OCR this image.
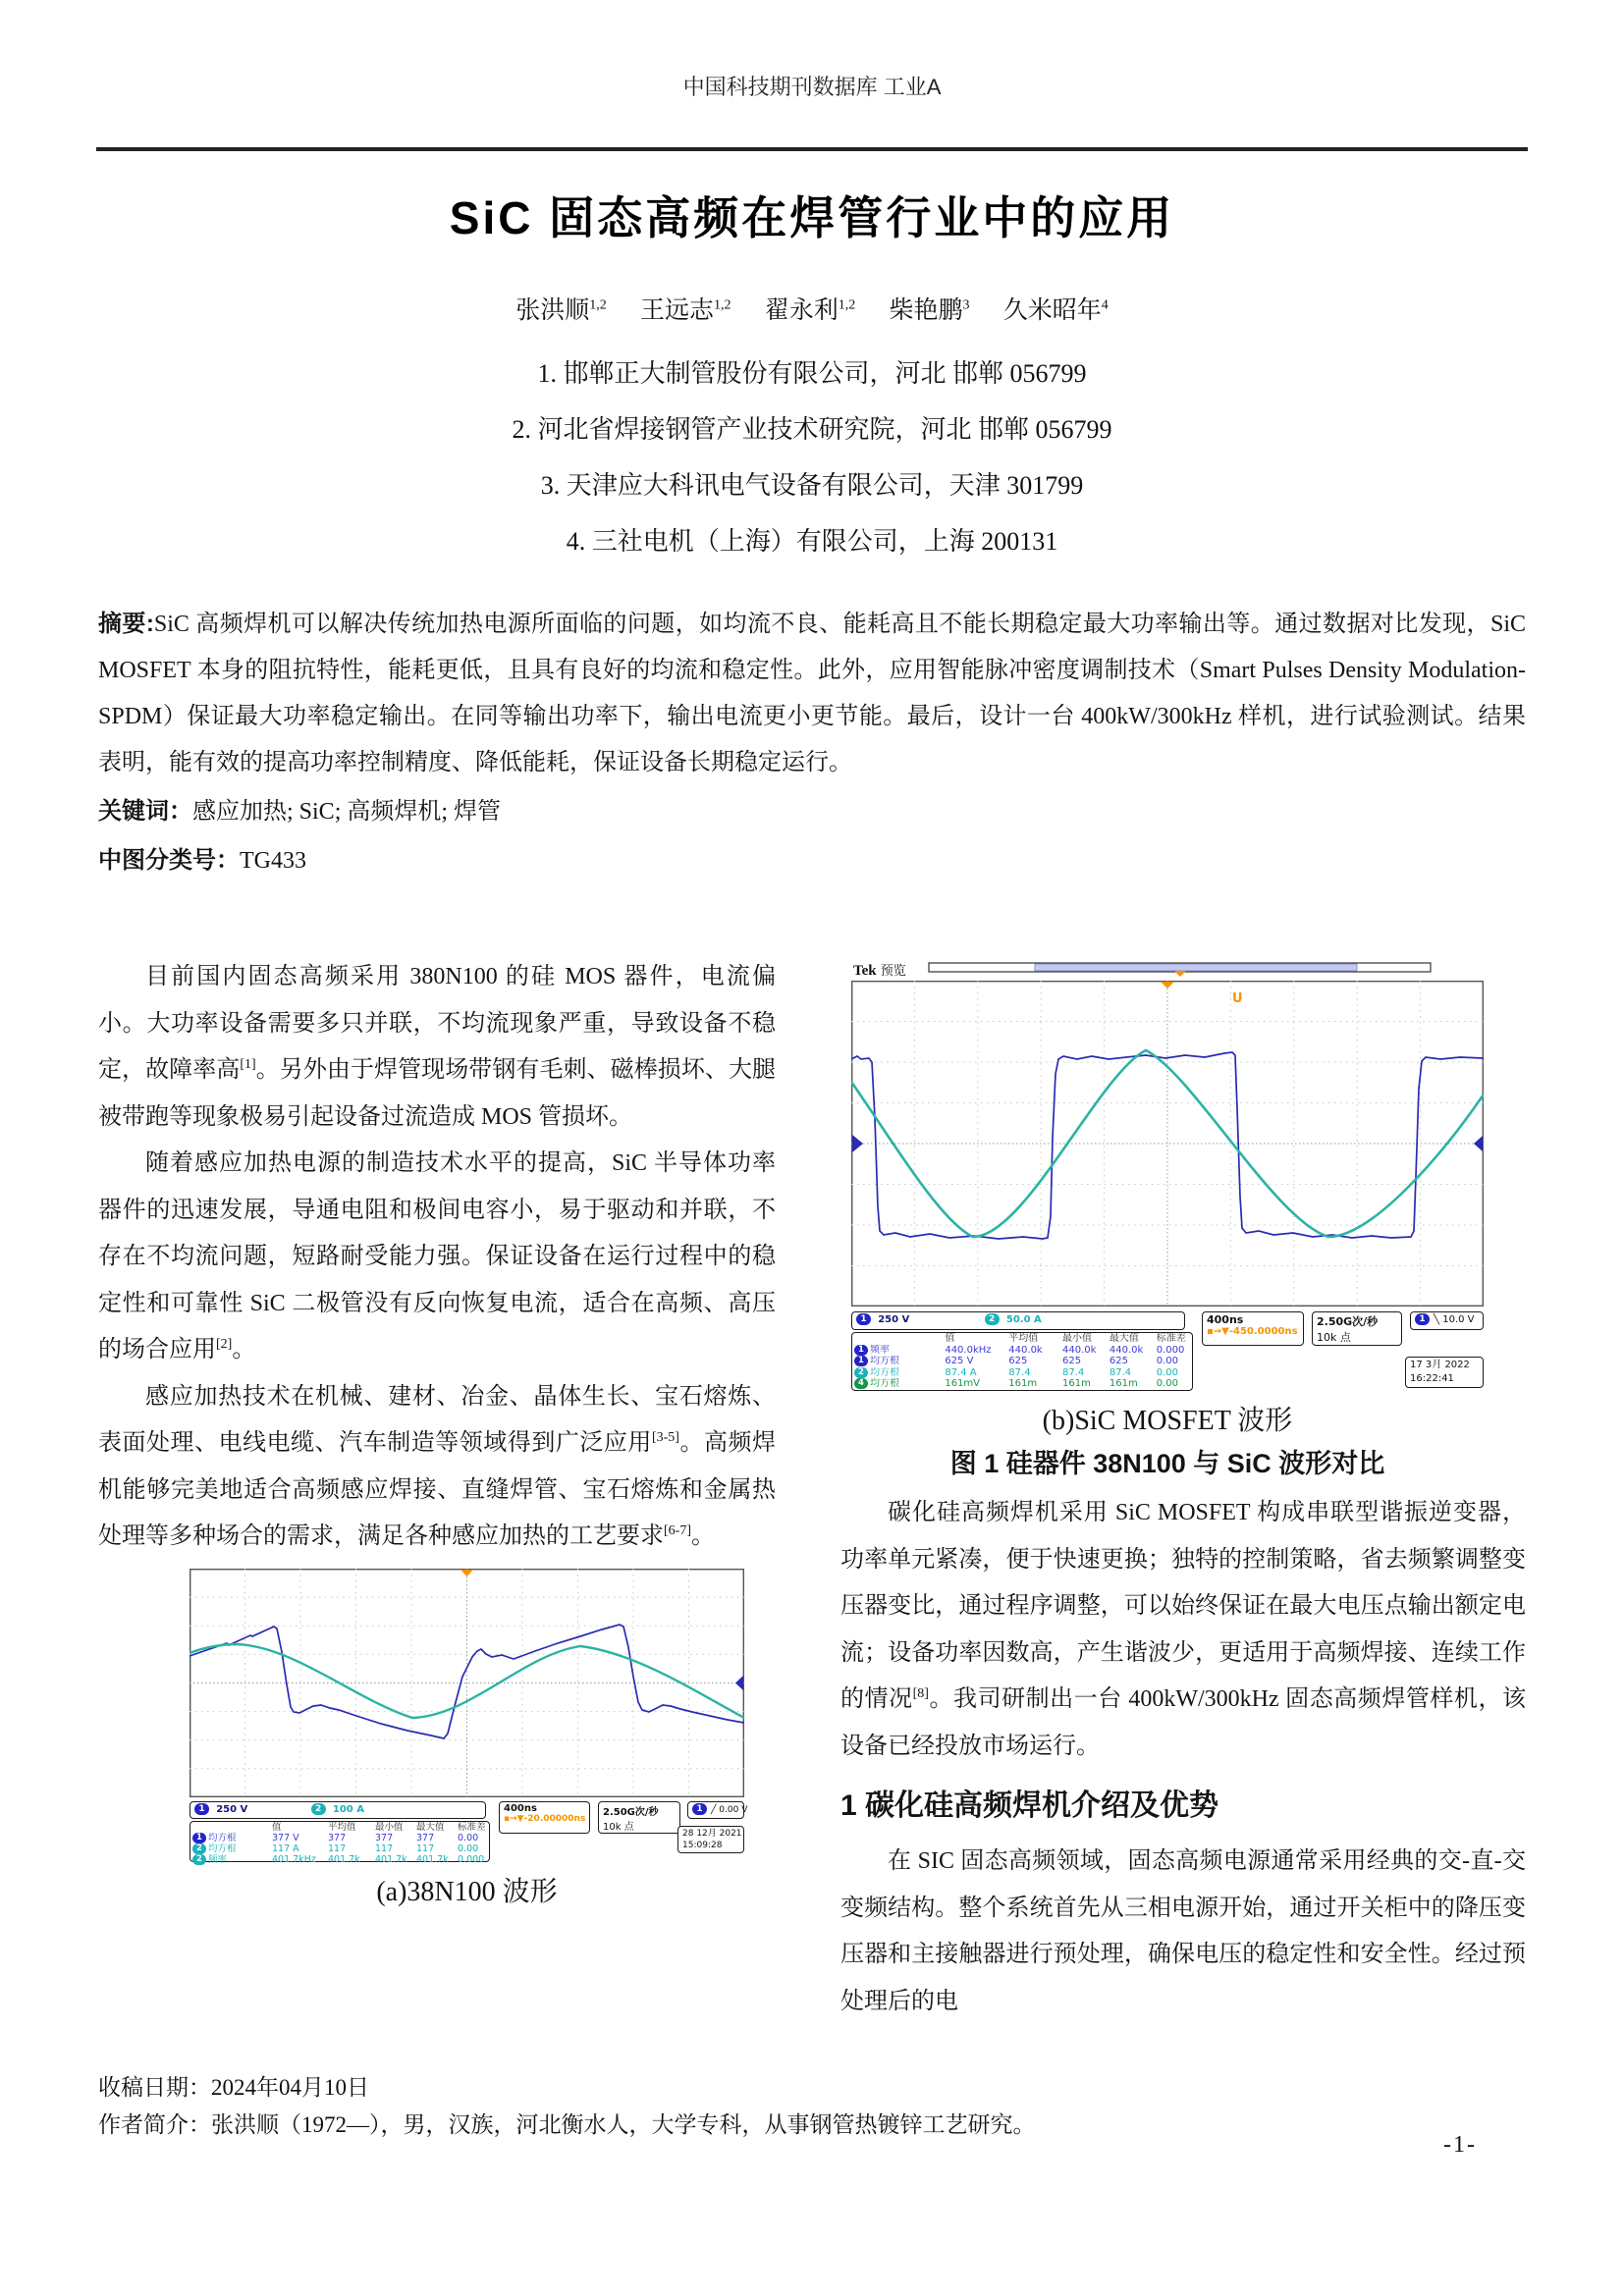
中国科技期刊数据库 工业A
SiC 固态高频在焊管行业中的应用
张洪顺$^{1,2}$ 王远志$^{1,2}$ 翟永利$^{1,2}$ 柴艳鹏$^3$ 久米昭年$^4$
1. 邯郸正大制管股份有限公司，河北 邯郸 056799
2. 河北省焊接钢管产业技术研究院，河北 邯郸 056799
3. 天津应大科讯电气设备有限公司，天津 301799
4. 三社电机（上海）有限公司，上海 200131
摘要:SiC 高频焊机可以解决传统加热电源所面临的问题，如均流不良、能耗高且不能长期稳定最大功率输出等。通过数据对比发现，SiC MOSFET 本身的阻抗特性，能耗更低，且具有良好的均流和稳定性。此外，应用智能脉冲密度调制技术（Smart Pulses Density Modulation-SPDM）保证最大功率稳定输出。在同等输出功率下，输出电流更小更节能。最后，设计一台 400kW/300kHz 样机，进行试验测试。结果表明，能有效的提高功率控制精度、降低能耗，保证设备长期稳定运行。
关键词：感应加热; SiC; 高频焊机; 焊管
中图分类号：TG433

目前国内固态高频采用 380N100 的硅 MOS 器件，电流偏小。大功率设备需要多只并联，不均流现象严重，导致设备不稳定，故障率高[1]。另外由于焊管现场带钢有毛刺、磁棒损坏、大腿被带跑等现象极易引起设备过流造成 MOS 管损坏。

随着感应加热电源的制造技术水平的提高，SiC 半导体功率器件的迅速发展，导通电阻和极间电容小，易于驱动和并联，不存在不均流问题，短路耐受能力强。保证设备在运行过程中的稳定性和可靠性 SiC 二极管没有反向恢复电流，适合在高频、高压的场合应用[2]。

感应加热技术在机械、建材、冶金、晶体生长、宝石熔炼、表面处理、电线电缆、汽车制造等领域得到广泛应用[3-5]。高频焊机能够完美地适合高频感应焊接、直缝焊管、宝石熔炼和金属热处理等多种场合的需求，满足各种感应加热的工艺要求[6-7]。

1 250 V	2 100 A
值	平均值	最小值	最大值	标准差
1 均方根	377 V	377	377	377	0.00
2 均方根	117 A	117	117	117	0.00
2 频率	401.7kHz	401.7k	401.7k 401.7k 0.000
400ns
▪→▼-20.00000ns
2.50G次/秒
10k 点
1 ╱ 0.00 V
28 12月 2021
15:09:28
(a)38N100 波形
Tek 预览
U
1 250 V	2 50.0 A
值	平均值	最小值	最大值	标准差
1 频率	440.0kHz	440.0k	440.0k	440.0k	0.000
1 均方根	625 V	625	625	625	0.00
2 均方根	87.4 A	87.4	87.4	87.4	0.00
4 均方根	161mV	161m	161m	161m	0.00
400ns
▪→▼-450.0000ns
2.50G次/秒
10k 点
1 ╲ 10.0 V
17 3月 2022
16:22:41
(b)SiC MOSFET 波形
图 1 硅器件 38N100 与 SiC 波形对比

碳化硅高频焊机采用 SiC MOSFET 构成串联型谐振逆变器，功率单元紧凑，便于快速更换；独特的控制策略，省去频繁调整变压器变比，通过程序调整，可以始终保证在最大电压点输出额定电流；设备功率因数高，产生谐波少，更适用于高频焊接、连续工作的情况[8]。我司研制出一台 400kW/300kHz 固态高频焊管样机，该设备已经投放市场运行。

1 碳化硅高频焊机介绍及优势

在 SIC 固态高频领域，固态高频电源通常采用经典的交-直-交变频结构。整个系统首先从三相电源开始，通过开关柜中的降压变压器和主接触器进行预处理，确保电压的稳定性和安全性。经过预处理后的电

收稿日期：2024年04月10日
作者简介：张洪顺（1972—），男，汉族，河北衡水人，大学专科，从事钢管热镀锌工艺研究。
-1-
